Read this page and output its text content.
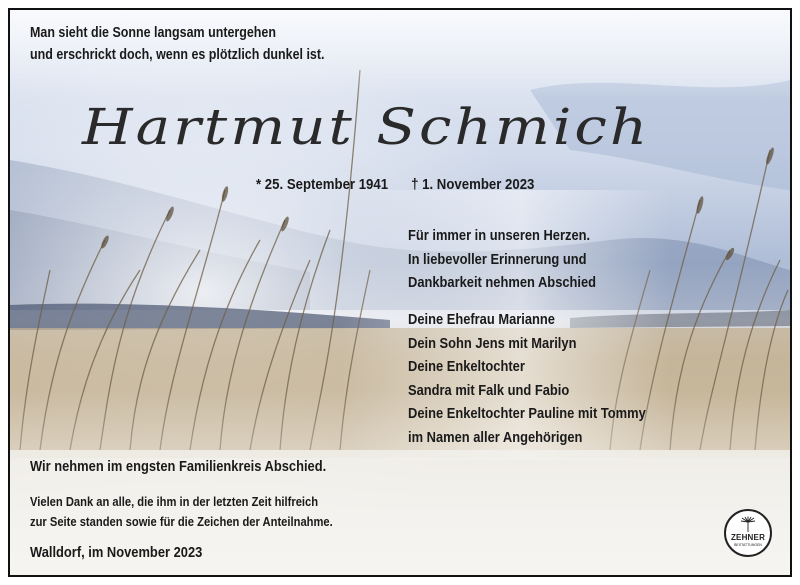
Man sieht die Sonne langsam untergehen
und erschrickt doch, wenn es plötzlich dunkel ist.
Hartmut Schmich
* 25. September 1941 † 1. November 2023
Für immer in unseren Herzen.
In liebevoller Erinnerung und
Dankbarkeit nehmen Abschied
Deine Ehefrau Marianne
Dein Sohn Jens mit Marilyn
Deine Enkeltochter
Sandra mit Falk und Fabio
Deine Enkeltochter Pauline mit Tommy
im Namen aller Angehörigen
Wir nehmen im engsten Familienkreis Abschied.
Vielen Dank an alle, die ihm in der letzten Zeit hilfreich
zur Seite standen sowie für die Zeichen der Anteilnahme.
Walldorf, im November 2023
ZEHNER
BESTATTUNGEN
